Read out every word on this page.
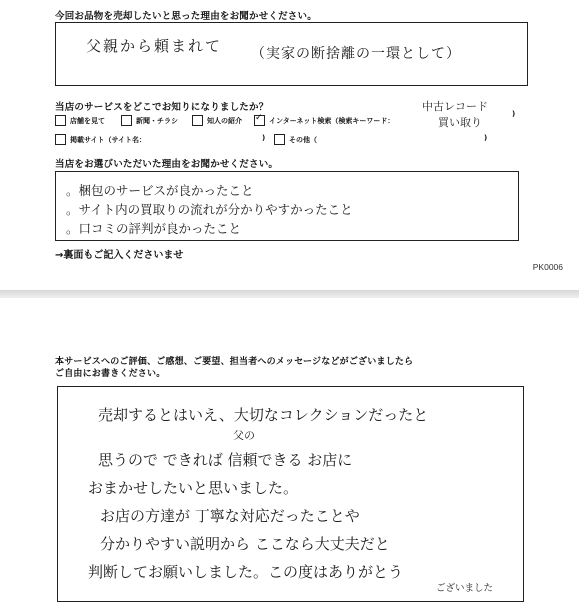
今回お品物を売却したいと思った理由をお聞かせください。
父親から頼まれて （実家の断捨離の一環として）
当店のサービスをどこでお知りになりましたか？
店舗を見て	新聞・チラシ	知人の紹介
✓	インターネット検索（検索キーワード：
中古レコード
買い取り
)
掲載サイト（サイト名：	)	その他（	)
当店をお選びいただいた理由をお聞かせください。
。梱包のサービスが良かったこと
。サイト内の買取りの流れが分かりやすかったこと
。口コミの評判が良かったこと
→裏面もご記入くださいませ
PK0006
本サービスへのご評価、ご感想、ご要望、担当者へのメッセージなどがございましたら
ご自由にお書きください。
売却するとはいえ、大切なコレクションだったと
父の
思うので できれば 信頼できる お店に
おまかせしたいと思いました。
お店の方達が 丁寧な対応だったことや
分かりやすい説明から ここなら大丈夫だと
判断してお願いしました。この度はありがとう
ございました
